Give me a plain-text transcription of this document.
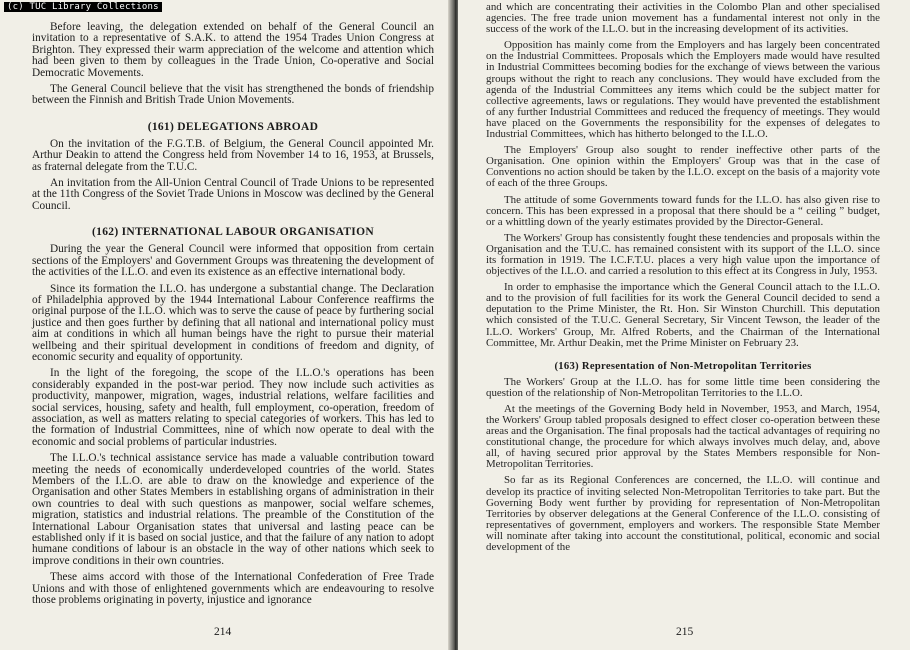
Before leaving, the delegation extended on behalf of the General Council an invitation to a representative of S.A.K. to attend the 1954 Trades Union Congress at Brighton. They expressed their warm appreciation of the welcome and attention which had been given to them by colleagues in the Trade Union, Co-operative and Social Democratic Movements.

The General Council believe that the visit has strengthened the bonds of friendship between the Finnish and British Trade Union Movements.

(161) DELEGATIONS ABROAD

On the invitation of the F.G.T.B. of Belgium, the General Council appointed Mr. Arthur Deakin to attend the Congress held from November 14 to 16, 1953, at Brussels, as fraternal delegate from the T.U.C.

An invitation from the All-Union Central Council of Trade Unions to be represented at the 11th Congress of the Soviet Trade Unions in Moscow was declined by the General Council.

(162) INTERNATIONAL LABOUR ORGANISATION

During the year the General Council were informed that opposition from certain sections of the Employers' and Government Groups was threatening the development of the activities of the I.L.O. and even its existence as an effective international body.

Since its formation the I.L.O. has undergone a substantial change. The Declaration of Philadelphia approved by the 1944 International Labour Conference reaffirms the original purpose of the I.L.O. which was to serve the cause of peace by furthering social justice and then goes further by defining that all national and international policy must aim at conditions in which all human beings have the right to pursue their material wellbeing and their spiritual development in conditions of freedom and dignity, of economic security and equality of opportunity.

In the light of the foregoing, the scope of the I.L.O.'s operations has been considerably expanded in the post-war period. They now include such activities as productivity, manpower, migration, wages, industrial relations, welfare facilities and social services, housing, safety and health, full employment, co-operation, freedom of association, as well as matters relating to special categories of workers. This has led to the formation of Industrial Committees, nine of which now operate to deal with the economic and social problems of particular industries.

The I.L.O.'s technical assistance service has made a valuable contribution toward meeting the needs of economically underdeveloped countries of the world. States Members of the I.L.O. are able to draw on the knowledge and experience of the Organisation and other States Members in establishing organs of administration in their own countries to deal with such questions as manpower, social welfare schemes, migration, statistics and industrial relations. The preamble of the Constitution of the International Labour Organisation states that universal and lasting peace can be established only if it is based on social justice, and that the failure of any nation to adopt humane conditions of labour is an obstacle in the way of other nations which seek to improve conditions in their own countries.

These aims accord with those of the International Confederation of Free Trade Unions and with those of enlightened governments which are endeavouring to resolve those problems originating in poverty, injustice and ignorance

214

and which are concentrating their activities in the Colombo Plan and other specialised agencies. The free trade union movement has a fundamental interest not only in the success of the work of the I.L.O. but in the increasing development of its activities.

Opposition has mainly come from the Employers and has largely been concentrated on the Industrial Committees. Proposals which the Employers made would have resulted in Industrial Committees becoming bodies for the exchange of views between the various groups without the right to reach any conclusions. They would have excluded from the agenda of the Industrial Committees any items which could be the subject matter for collective agreements, laws or regulations. They would have prevented the establishment of any further Industrial Committees and reduced the frequency of meetings. They would have placed on the Governments the responsibility for the expenses of delegates to Industrial Committees, which has hitherto belonged to the I.L.O.

The Employers' Group also sought to render ineffective other parts of the Organisation. One opinion within the Employers' Group was that in the case of Conventions no action should be taken by the I.L.O. except on the basis of a majority vote of each of the three Groups.

The attitude of some Governments toward funds for the I.L.O. has also given rise to concern. This has been expressed in a proposal that there should be a “ ceiling ” budget, or a whittling down of the yearly estimates provided by the Director-General.

The Workers' Group has consistently fought these tendencies and proposals within the Organisation and the T.U.C. has remained consistent with its support of the I.L.O. since its formation in 1919. The I.C.F.T.U. places a very high value upon the importance of objectives of the I.L.O. and carried a resolution to this effect at its Congress in July, 1953.

In order to emphasise the importance which the General Council attach to the I.L.O. and to the provision of full facilities for its work the General Council decided to send a deputation to the Prime Minister, the Rt. Hon. Sir Winston Churchill. This deputation which consisted of the T.U.C. General Secretary, Sir Vincent Tewson, the leader of the I.L.O. Workers' Group, Mr. Alfred Roberts, and the Chairman of the International Committee, Mr. Arthur Deakin, met the Prime Minister on February 23.

(163) Representation of Non-Metropolitan Territories

The Workers' Group at the I.L.O. has for some little time been considering the question of the relationship of Non-Metropolitan Territories to the I.L.O.

At the meetings of the Governing Body held in November, 1953, and March, 1954, the Workers' Group tabled proposals designed to effect closer co-operation between these areas and the Organisation. The final proposals had the tactical advantages of requiring no constitutional change, the procedure for which always involves much delay, and, above all, of having secured prior approval by the States Members responsible for Non-Metropolitan Territories.

So far as its Regional Conferences are concerned, the I.L.O. will continue and develop its practice of inviting selected Non-Metropolitan Territories to take part. But the Governing Body went further by providing for representation of Non-Metropolitan Territories by observer delegations at the General Conference of the I.L.O. consisting of representatives of government, employers and workers. The responsible State Member will nominate after taking into account the constitutional, political, economic and social development of the

215
(c) TUC Library Collections
